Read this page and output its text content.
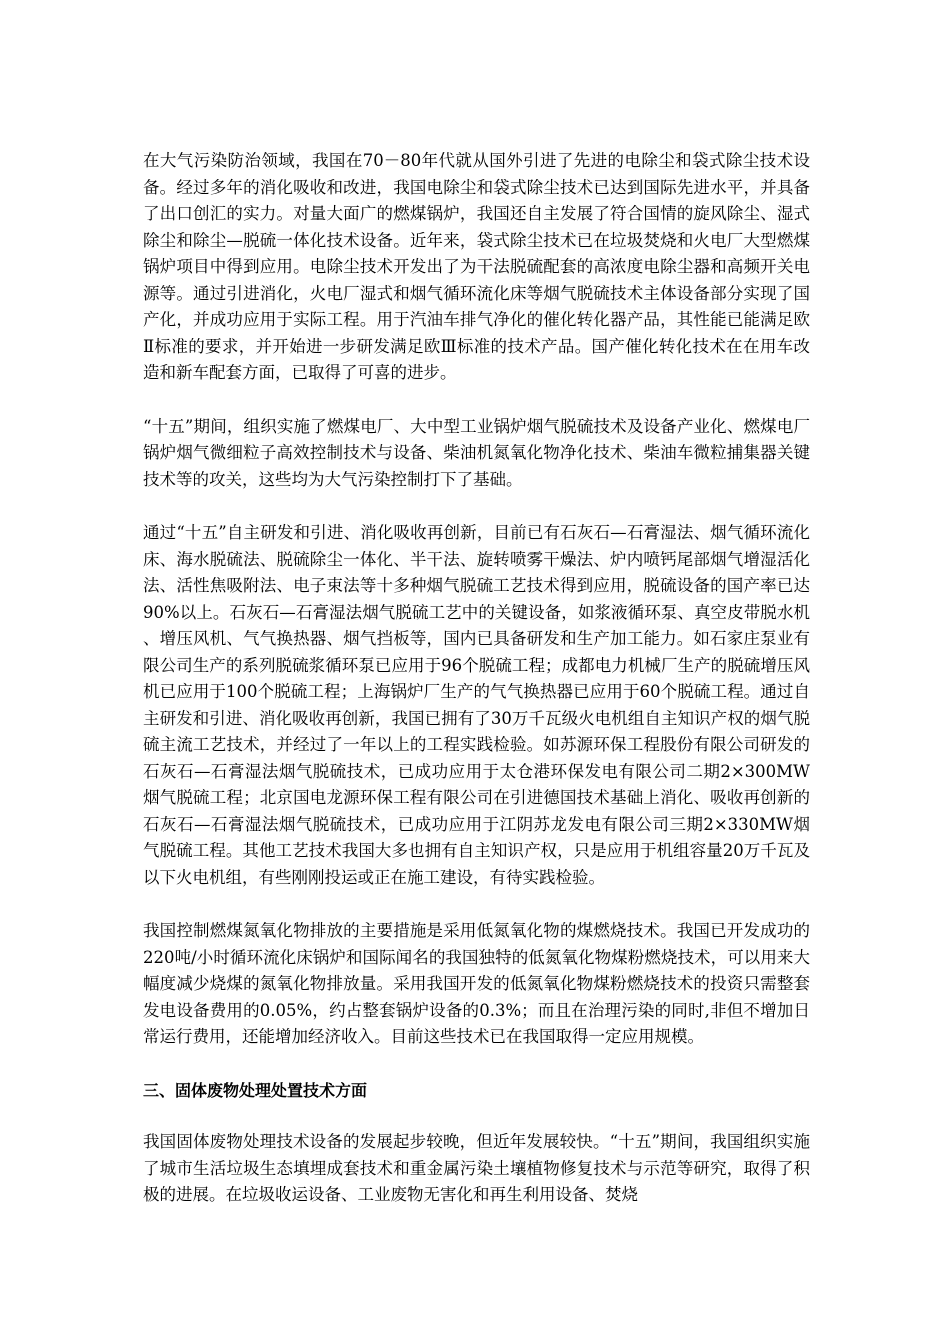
在大气污染防治领域，我国在70－80年代就从国外引进了先进的电除尘和袋式除尘技术设备。经过多年的消化吸收和改进，我国电除尘和袋式除尘技术已达到国际先进水平，并具备了出口创汇的实力。对量大面广的燃煤锅炉，我国还自主发展了符合国情的旋风除尘、湿式除尘和除尘—脱硫一体化技术设备。近年来，袋式除尘技术已在垃圾焚烧和火电厂大型燃煤锅炉项目中得到应用。电除尘技术开发出了为干法脱硫配套的高浓度电除尘器和高频开关电源等。通过引进消化，火电厂湿式和烟气循环流化床等烟气脱硫技术主体设备部分实现了国产化，并成功应用于实际工程。用于汽油车排气净化的催化转化器产品，其性能已能满足欧Ⅱ标准的要求，并开始进一步研发满足欧Ⅲ标准的技术产品。国产催化转化技术在在用车改造和新车配套方面，已取得了可喜的进步。

“十五”期间，组织实施了燃煤电厂、大中型工业锅炉烟气脱硫技术及设备产业化、燃煤电厂锅炉烟气微细粒子高效控制技术与设备、柴油机氮氧化物净化技术、柴油车微粒捕集器关键技术等的攻关，这些均为大气污染控制打下了基础。

通过“十五”自主研发和引进、消化吸收再创新，目前已有石灰石—石膏湿法、烟气循环流化床、海水脱硫法、脱硫除尘一体化、半干法、旋转喷雾干燥法、炉内喷钙尾部烟气增湿活化法、活性焦吸附法、电子束法等十多种烟气脱硫工艺技术得到应用，脱硫设备的国产率已达90%以上。石灰石—石膏湿法烟气脱硫工艺中的关键设备，如浆液循环泵、真空皮带脱水机、增压风机、气气换热器、烟气挡板等，国内已具备研发和生产加工能力。如石家庄泵业有限公司生产的系列脱硫浆循环泵已应用于96个脱硫工程；成都电力机械厂生产的脱硫增压风机已应用于100个脱硫工程；上海锅炉厂生产的气气换热器已应用于60个脱硫工程。通过自主研发和引进、消化吸收再创新，我国已拥有了30万千瓦级火电机组自主知识产权的烟气脱硫主流工艺技术，并经过了一年以上的工程实践检验。如苏源环保工程股份有限公司研发的石灰石—石膏湿法烟气脱硫技术，已成功应用于太仓港环保发电有限公司二期2×300MW烟气脱硫工程；北京国电龙源环保工程有限公司在引进德国技术基础上消化、吸收再创新的石灰石—石膏湿法烟气脱硫技术，已成功应用于江阴苏龙发电有限公司三期2×330MW烟气脱硫工程。其他工艺技术我国大多也拥有自主知识产权，只是应用于机组容量20万千瓦及以下火电机组，有些刚刚投运或正在施工建设，有待实践检验。

我国控制燃煤氮氧化物排放的主要措施是采用低氮氧化物的煤燃烧技术。我国已开发成功的220吨/小时循环流化床锅炉和国际闻名的我国独特的低氮氧化物煤粉燃烧技术，可以用来大幅度减少烧煤的氮氧化物排放量。采用我国开发的低氮氧化物煤粉燃烧技术的投资只需整套发电设备费用的0.05%，约占整套锅炉设备的0.3%；而且在治理污染的同时,非但不增加日常运行费用，还能增加经济收入。目前这些技术已在我国取得一定应用规模。

三、固体废物处理处置技术方面

我国固体废物处理技术设备的发展起步较晚，但近年发展较快。“十五”期间，我国组织实施了城市生活垃圾生态填埋成套技术和重金属污染土壤植物修复技术与示范等研究，取得了积极的进展。在垃圾收运设备、工业废物无害化和再生利用设备、焚烧
